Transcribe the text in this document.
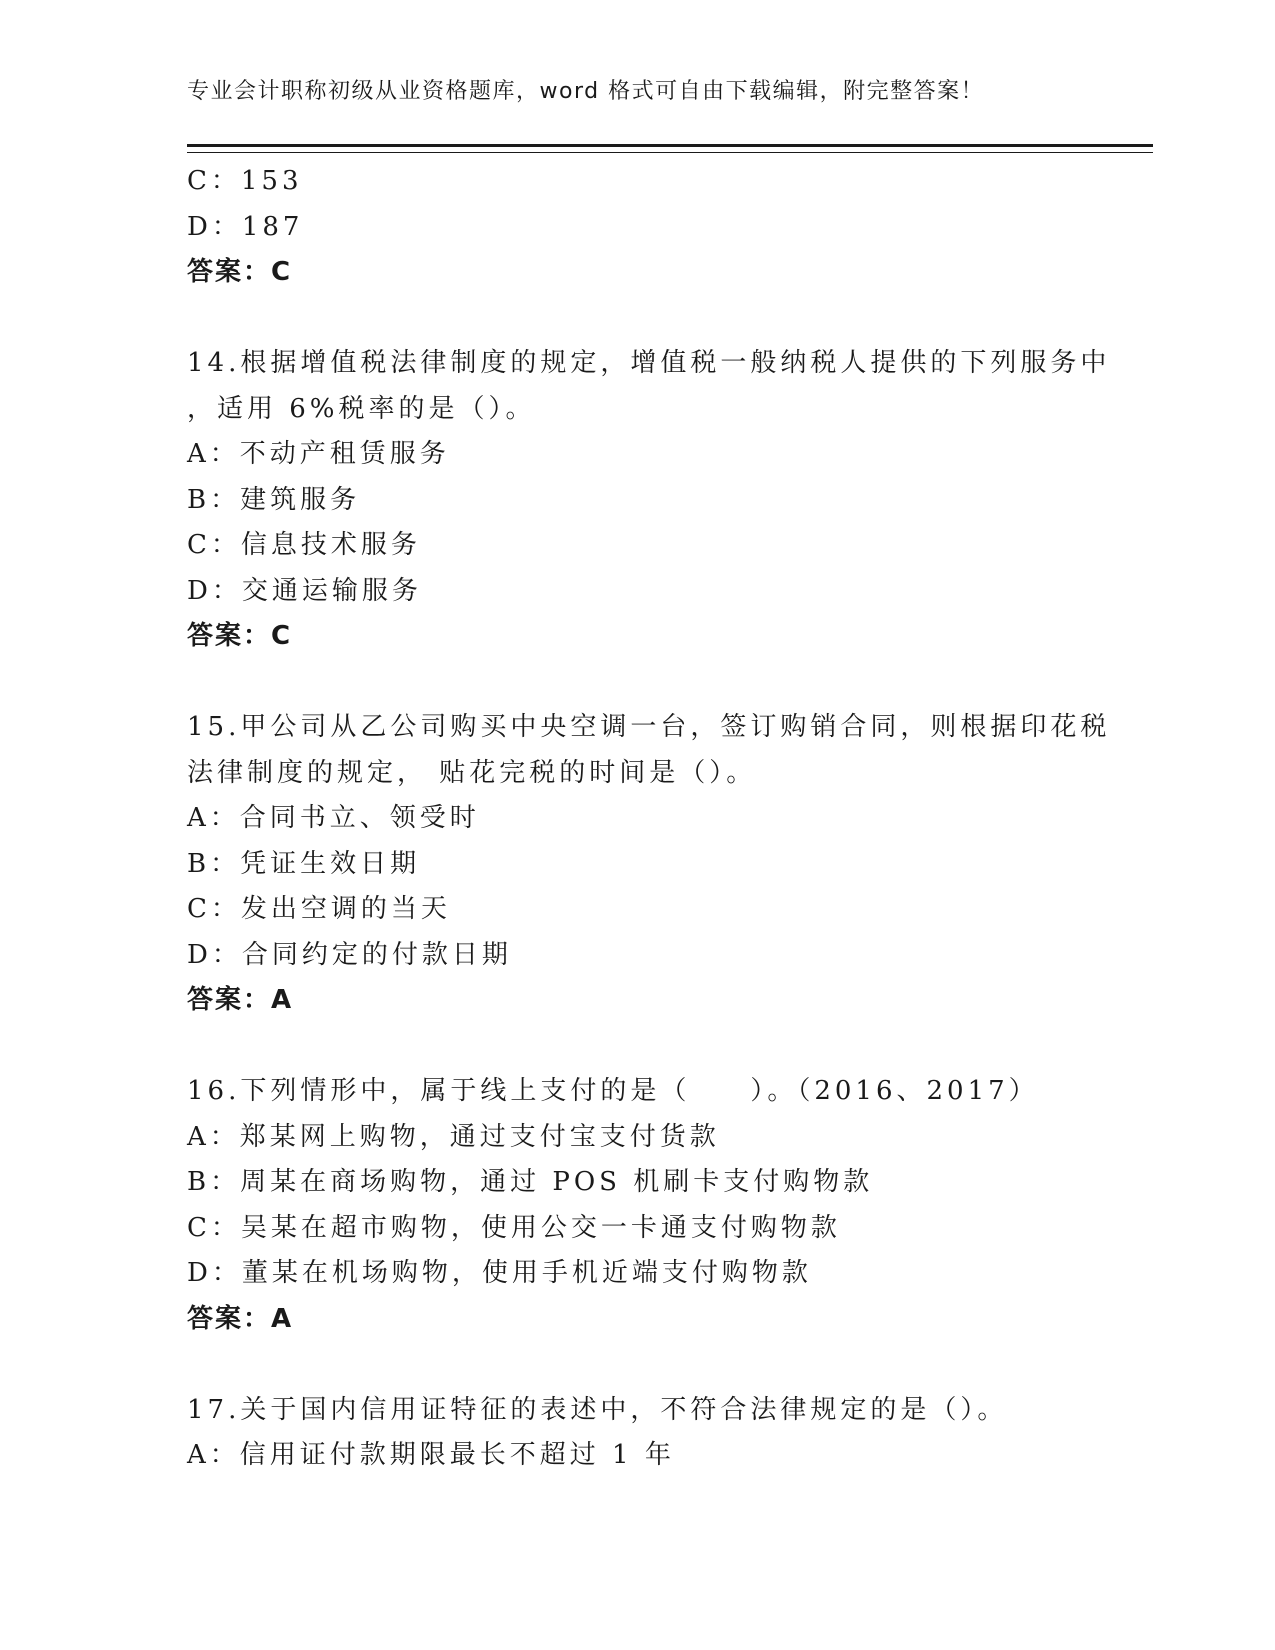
专业会计职称初级从业资格题库，word 格式可自由下载编辑，附完整答案！
C：153
D：187
答案：C
14.根据增值税法律制度的规定，增值税一般纳税人提供的下列服务中
，适用 6%税率的是（）。
A：不动产租赁服务
B：建筑服务
C：信息技术服务
D：交通运输服务
答案：C
15.甲公司从乙公司购买中央空调一台，签订购销合同，则根据印花税
法律制度的规定， 贴花完税的时间是（）。
A：合同书立、领受时
B：凭证生效日期
C：发出空调的当天
D：合同约定的付款日期
答案：A
16.下列情形中，属于线上支付的是（　　）。（2016、2017）
A：郑某网上购物，通过支付宝支付货款
B：周某在商场购物，通过 POS 机刷卡支付购物款
C：吴某在超市购物，使用公交一卡通支付购物款
D：董某在机场购物，使用手机近端支付购物款
答案：A
17.关于国内信用证特征的表述中，不符合法律规定的是（）。
A：信用证付款期限最长不超过 1 年
